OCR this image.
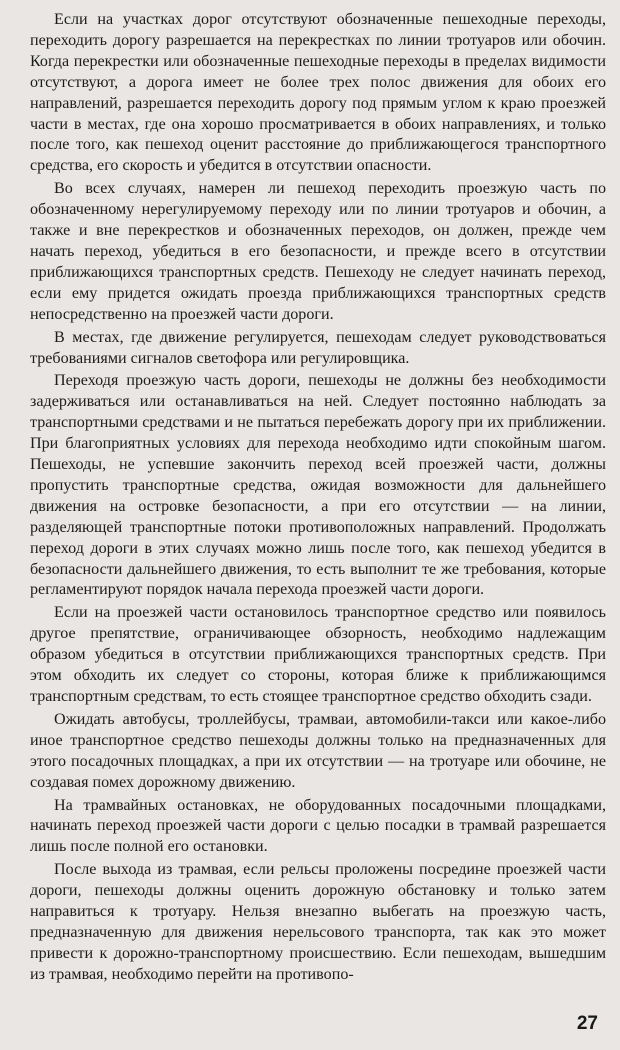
Если на участках дорог отсутствуют обозначенные пешеходные переходы, переходить дорогу разрешается на перекрестках по линии тротуаров или обочин. Когда перекрестки или обозначенные пешеходные переходы в пределах видимости отсутствуют, а дорога имеет не более трех полос движения для обоих его направлений, разрешается переходить дорогу под прямым углом к краю проезжей части в местах, где она хорошо просматривается в обоих направлениях, и только после того, как пешеход оценит расстояние до приближающегося транспортного средства, его скорость и убедится в отсутствии опасности.

Во всех случаях, намерен ли пешеход переходить проезжую часть по обозначенному нерегулируемому переходу или по линии тротуаров и обочин, а также и вне перекрестков и обозначенных переходов, он должен, прежде чем начать переход, убедиться в его безопасности, и прежде всего в отсутствии приближающихся транспортных средств. Пешеходу не следует начинать переход, если ему придется ожидать проезда приближающихся транспортных средств непосредственно на проезжей части дороги.

В местах, где движение регулируется, пешеходам следует руководствоваться требованиями сигналов светофора или регулировщика.

Переходя проезжую часть дороги, пешеходы не должны без необходимости задерживаться или останавливаться на ней. Следует постоянно наблюдать за транспортными средствами и не пытаться перебежать дорогу при их приближении. При благоприятных условиях для перехода необходимо идти спокойным шагом. Пешеходы, не успевшие закончить переход всей проезжей части, должны пропустить транспортные средства, ожидая возможности для дальнейшего движения на островке безопасности, а при его отсутствии — на линии, разделяющей транспортные потоки противоположных направлений. Продолжать переход дороги в этих случаях можно лишь после того, как пешеход убедится в безопасности дальнейшего движения, то есть выполнит те же требования, которые регламентируют порядок начала перехода проезжей части дороги.

Если на проезжей части остановилось транспортное средство или появилось другое препятствие, ограничивающее обзорность, необходимо надлежащим образом убедиться в отсутствии приближающихся транспортных средств. При этом обходить их следует со стороны, которая ближе к приближающимся транспортным средствам, то есть стоящее транспортное средство обходить сзади.

Ожидать автобусы, троллейбусы, трамваи, автомобили-такси или какое-либо иное транспортное средство пешеходы должны только на предназначенных для этого посадочных площадках, а при их отсутствии — на тротуаре или обочине, не создавая помех дорожному движению.

На трамвайных остановках, не оборудованных посадочными площадками, начинать переход проезжей части дороги с целью посадки в трамвай разрешается лишь после полной его остановки.

После выхода из трамвая, если рельсы проложены посредине проезжей части дороги, пешеходы должны оценить дорожную обстановку и только затем направиться к тротуару. Нельзя внезапно выбегать на проезжую часть, предназначенную для движения нерельсового транспорта, так как это может привести к дорожно-транспортному происшествию. Если пешеходам, вышедшим из трамвая, необходимо перейти на противопо-

27
